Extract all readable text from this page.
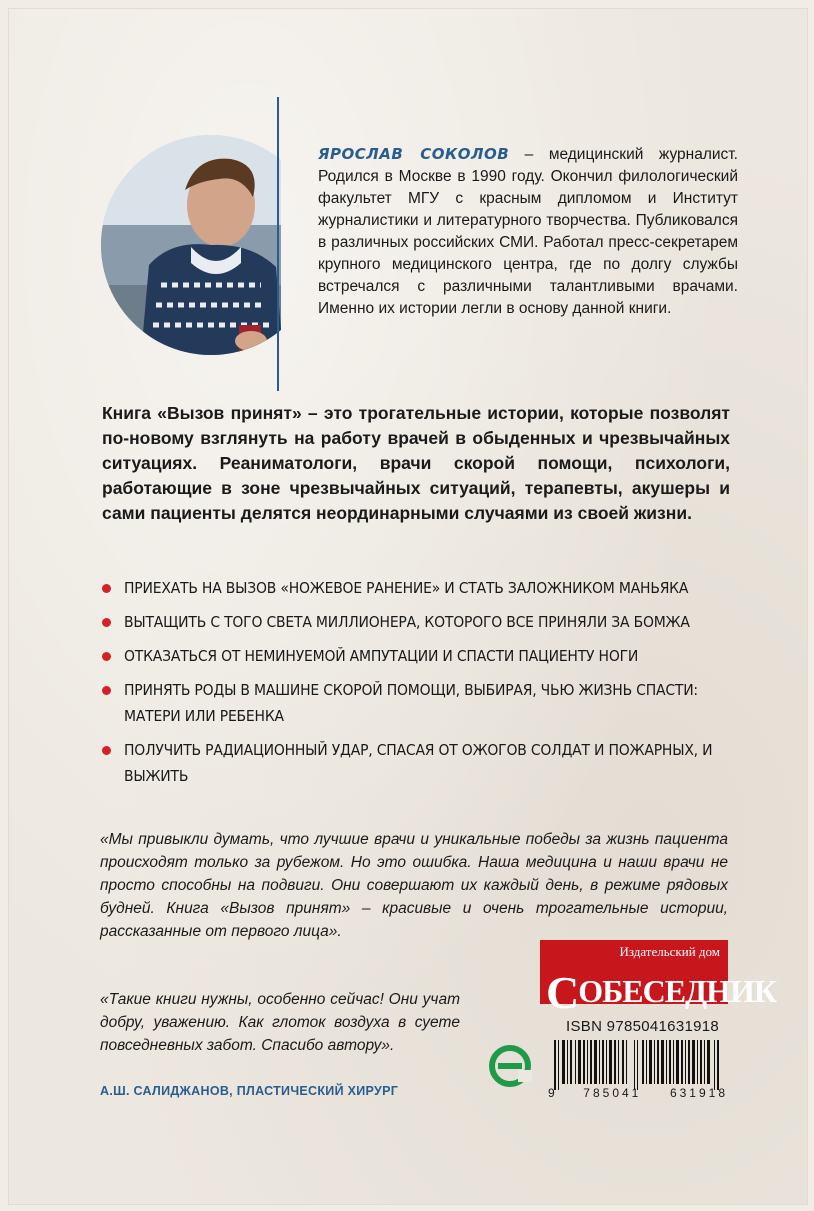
ЯРОСЛАВ СОКОЛОВ – медицинский журналист. Родился в Москве в 1990 году. Окончил филологический факультет МГУ с красным дипломом и Институт журналистики и литературного творчества. Публиковался в различных российских СМИ. Работал пресс-секретарем крупного медицинского центра, где по долгу службы встречался с различными талантливыми врачами. Именно их истории легли в основу данной книги.
Книга «Вызов принят» – это трогательные истории, которые позволят по-новому взглянуть на работу врачей в обыденных и чрезвычайных ситуациях. Реаниматологи, врачи скорой помощи, психологи, работающие в зоне чрезвычайных ситуаций, терапевты, акушеры и сами пациенты делятся неординарными случаями из своей жизни.
ПРИЕХАТЬ НА ВЫЗОВ «НОЖЕВОЕ РАНЕНИЕ» И СТАТЬ ЗАЛОЖНИКОМ МАНЬЯКА
ВЫТАЩИТЬ С ТОГО СВЕТА МИЛЛИОНЕРА, КОТОРОГО ВСЕ ПРИНЯЛИ ЗА БОМЖА
ОТКАЗАТЬСЯ ОТ НЕМИНУЕМОЙ АМПУТАЦИИ И СПАСТИ ПАЦИЕНТУ НОГИ
ПРИНЯТЬ РОДЫ В МАШИНЕ СКОРОЙ ПОМОЩИ, ВЫБИРАЯ, ЧЬЮ ЖИЗНЬ СПАСТИ: МАТЕРИ ИЛИ РЕБЕНКА
ПОЛУЧИТЬ РАДИАЦИОННЫЙ УДАР, СПАСАЯ ОТ ОЖОГОВ СОЛДАТ И ПОЖАРНЫХ, И ВЫЖИТЬ
«Мы привыкли думать, что лучшие врачи и уникальные победы за жизнь пациента происходят только за рубежом. Но это ошибка. Наша медицина и наши врачи не просто способны на подвиги. Они совершают их каждый день, в режиме рядовых будней. Книга «Вызов принят» – красивые и очень трогательные истории, рассказанные от первого лица».
Издательский дом
СОБЕСЕДНИК
«Такие книги нужны, особенно сейчас! Они учат добру, уважению. Как глоток воздуха в суете повседневных забот. Спасибо автору».
А.Ш. САЛИДЖАНОВ, ПЛАСТИЧЕСКИЙ ХИРУРГ
ISBN 9785041631918
9 785041 631918
